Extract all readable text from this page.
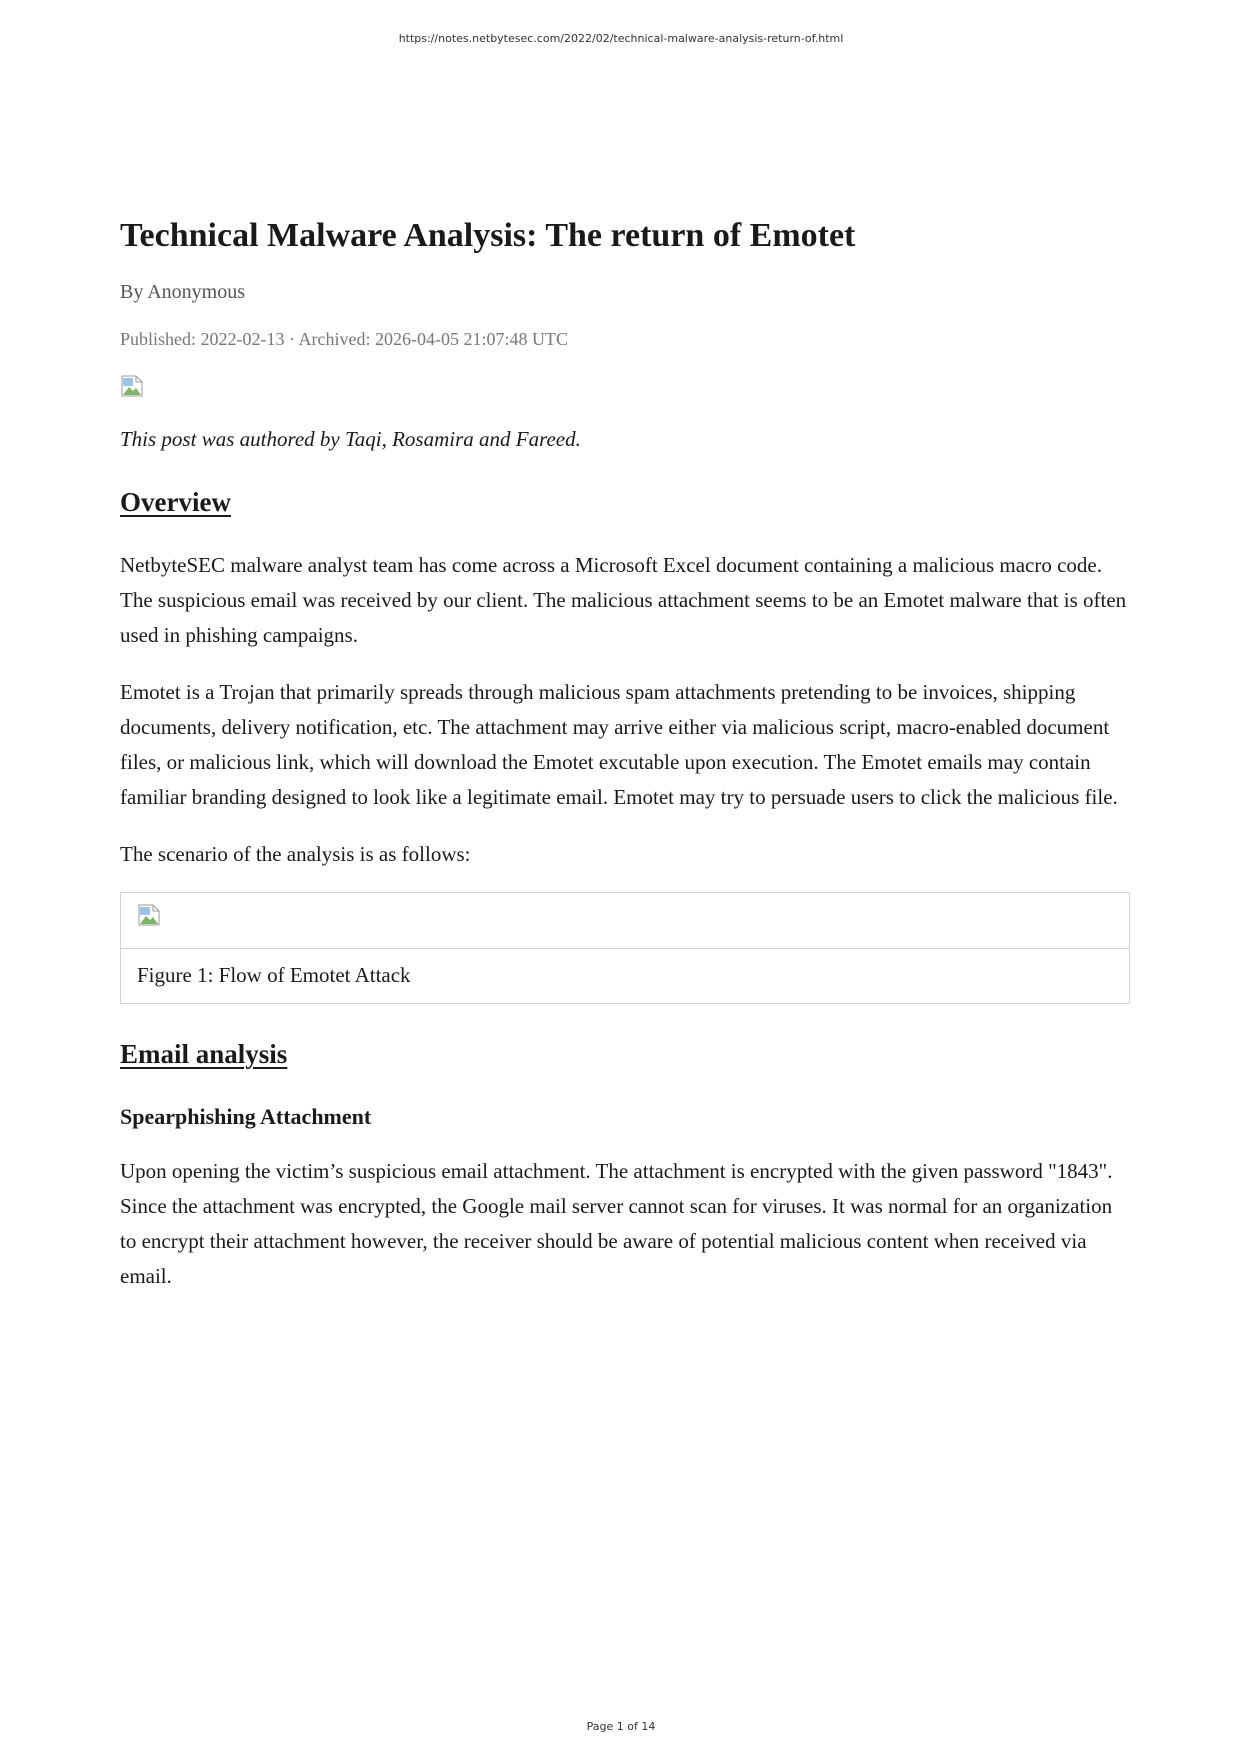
https://notes.netbytesec.com/2022/02/technical-malware-analysis-return-of.html

Technical Malware Analysis: The return of Emotet

By Anonymous

Published: 2022-02-13 · Archived: 2026-04-05 21:07:48 UTC

This post was authored by Taqi, Rosamira and Fareed.

Overview

NetbyteSEC malware analyst team has come across a Microsoft Excel document containing a malicious macro code. The suspicious email was received by our client. The malicious attachment seems to be an Emotet malware that is often used in phishing campaigns.

Emotet is a Trojan that primarily spreads through malicious spam attachments pretending to be invoices, shipping documents, delivery notification, etc. The attachment may arrive either via malicious script, macro-enabled document files, or malicious link, which will download the Emotet excutable upon execution. The Emotet emails may contain familiar branding designed to look like a legitimate email. Emotet may try to persuade users to click the malicious file.

The scenario of the analysis is as follows:

Figure 1: Flow of Emotet Attack
Email analysis
Spearphishing Attachment

Upon opening the victim’s suspicious email attachment. The attachment is encrypted with the given password "1843". Since the attachment was encrypted, the Google mail server cannot scan for viruses. It was normal for an organization to encrypt their attachment however, the receiver should be aware of potential malicious content when received via email.

Page 1 of 14
